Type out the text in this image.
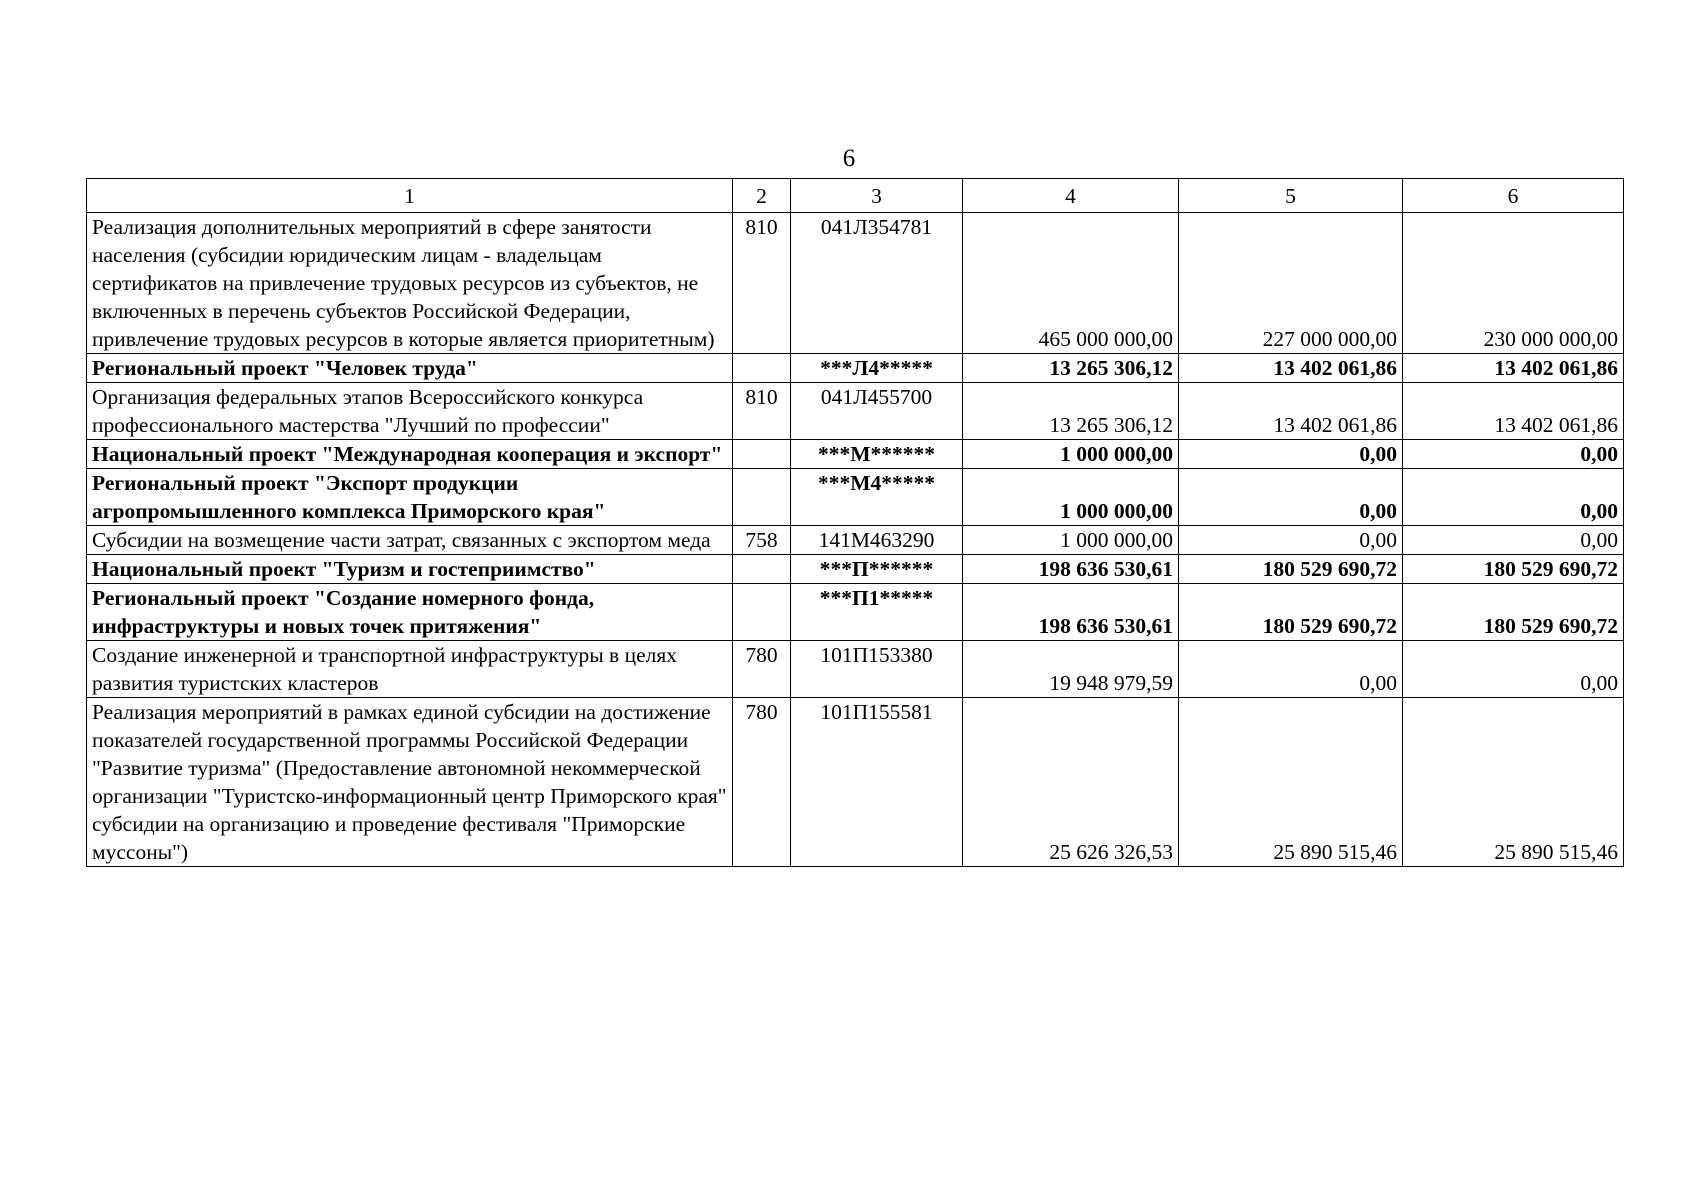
6
1	2	3	4	5	6
Реализация дополнительных мероприятий в сфере занятости населения (субсидии юридическим лицам - владельцам сертификатов на привлечение трудовых ресурсов из субъектов, не включенных в перечень субъектов Российской Федерации, привлечение трудовых ресурсов в которые является приоритетным)	810	041Л354781	465 000 000,00	227 000 000,00	230 000 000,00
Региональный проект "Человек труда"		***Л4*****	13 265 306,12	13 402 061,86	13 402 061,86
Организация федеральных этапов Всероссийского конкурса профессионального мастерства "Лучший по профессии"	810	041Л455700	13 265 306,12	13 402 061,86	13 402 061,86
Национальный проект "Международная кооперация и экспорт"		***М******	1 000 000,00	0,00	0,00
Региональный проект "Экспорт продукции агропромышленного комплекса Приморского края"		***М4*****	1 000 000,00	0,00	0,00
Субсидии на возмещение части затрат, связанных с экспортом меда	758	141М463290	1 000 000,00	0,00	0,00
Национальный проект "Туризм и гостеприимство"		***П******	198 636 530,61	180 529 690,72	180 529 690,72
Региональный проект "Создание номерного фонда, инфраструктуры и новых точек притяжения"		***П1*****	198 636 530,61	180 529 690,72	180 529 690,72
Создание инженерной и транспортной инфраструктуры в целях развития туристских кластеров	780	101П153380	19 948 979,59	0,00	0,00
Реализация мероприятий в рамках единой субсидии на достижение показателей государственной программы Российской Федерации "Развитие туризма" (Предоставление автономной некоммерческой организации "Туристско-информационный центр Приморского края" субсидии на организацию и проведение фестиваля "Приморские муссоны")	780	101П155581	25 626 326,53	25 890 515,46	25 890 515,46
